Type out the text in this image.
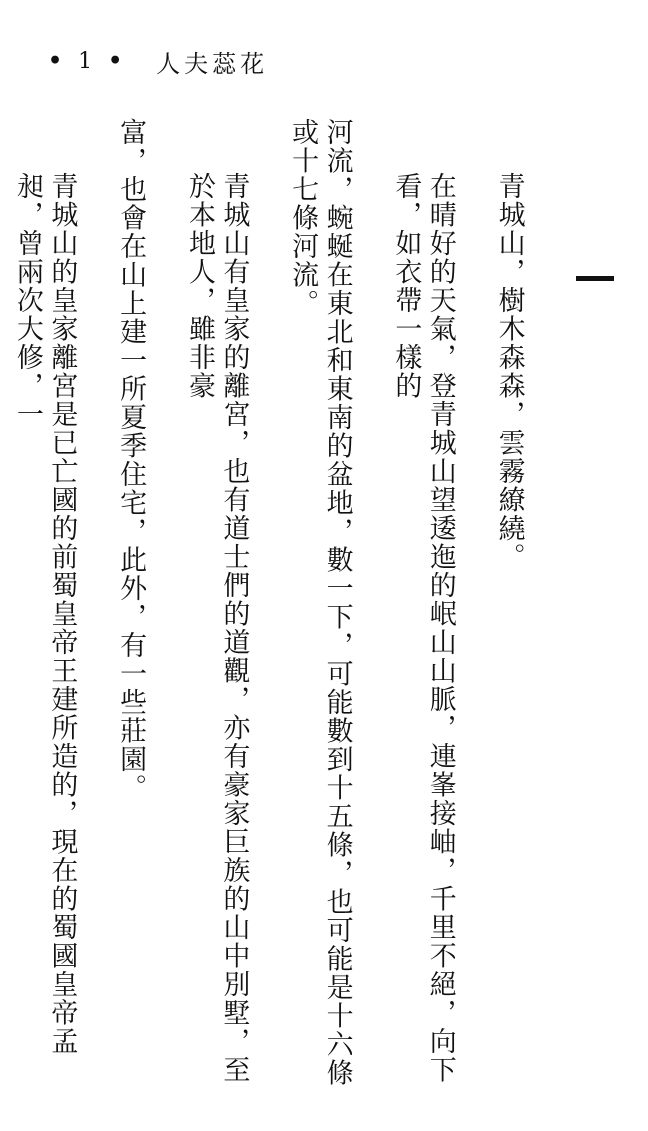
• 1 • 人夫蕊花

青城山，樹木森森，雲霧繚繞。

在晴好的天氣，登青城山望逶迤的岷山山脈，連峯接岫，千里不絕，向下看，如衣帶一樣的

河流，蜿蜒在東北和東南的盆地，數一下，可能數到十五條，也可能是十六條或十七條河流。

青城山有皇家的離宮，也有道士們的道觀，亦有豪家巨族的山中別墅，至於本地人，雖非豪

富，也會在山上建一所夏季住宅，此外，有一些莊園。

青城山的皇家離宮是已亡國的前蜀皇帝王建所造的，現在的蜀國皇帝孟昶，曾兩次大修，一
